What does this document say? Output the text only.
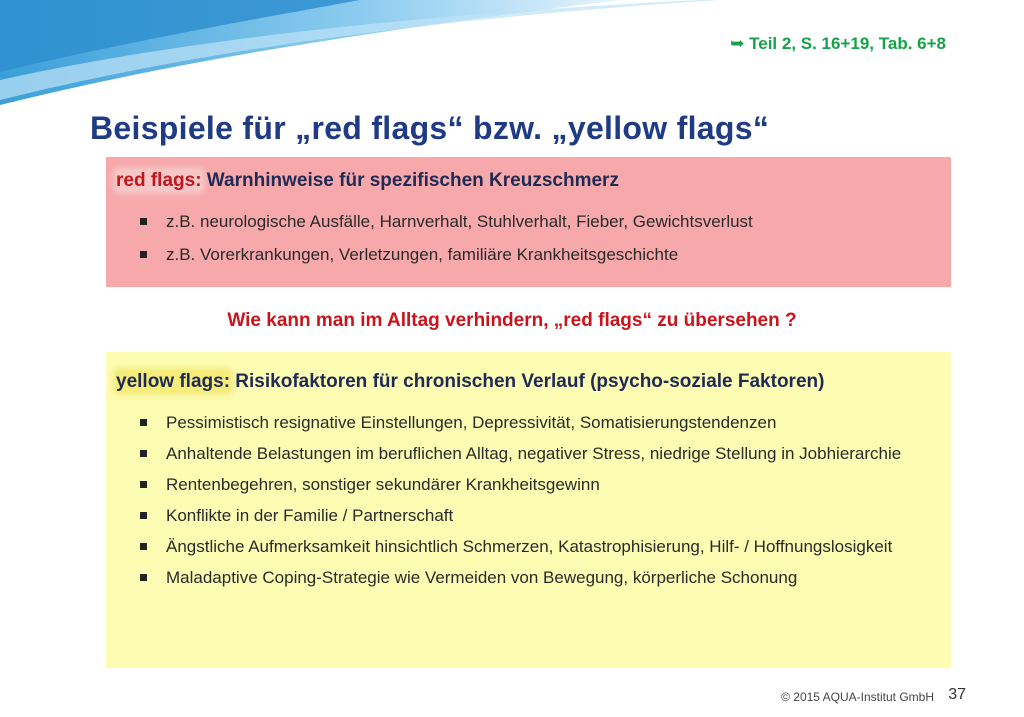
➥ Teil 2, S. 16+19, Tab. 6+8
Beispiele für „red flags“ bzw. „yellow flags“
red flags: Warnhinweise für spezifischen Kreuzschmerz
z.B. neurologische Ausfälle, Harnverhalt, Stuhlverhalt, Fieber, Gewichtsverlust
z.B. Vorerkrankungen, Verletzungen, familiäre Krankheitsgeschichte
Wie kann man im Alltag verhindern, „red flags“ zu übersehen ?
yellow flags: Risikofaktoren für chronischen Verlauf (psycho-soziale Faktoren)
Pessimistisch resignative Einstellungen, Depressivität, Somatisierungstendenzen
Anhaltende Belastungen im beruflichen Alltag, negativer Stress, niedrige Stellung in Jobhierarchie
Rentenbegehren, sonstiger sekundärer Krankheitsgewinn
Konflikte in der Familie / Partnerschaft
Ängstliche Aufmerksamkeit hinsichtlich Schmerzen, Katastrophisierung, Hilf- / Hoffnungslosigkeit
Maladaptive Coping-Strategie wie Vermeiden von Bewegung, körperliche Schonung
© 2015 AQUA-Institut GmbH 37
